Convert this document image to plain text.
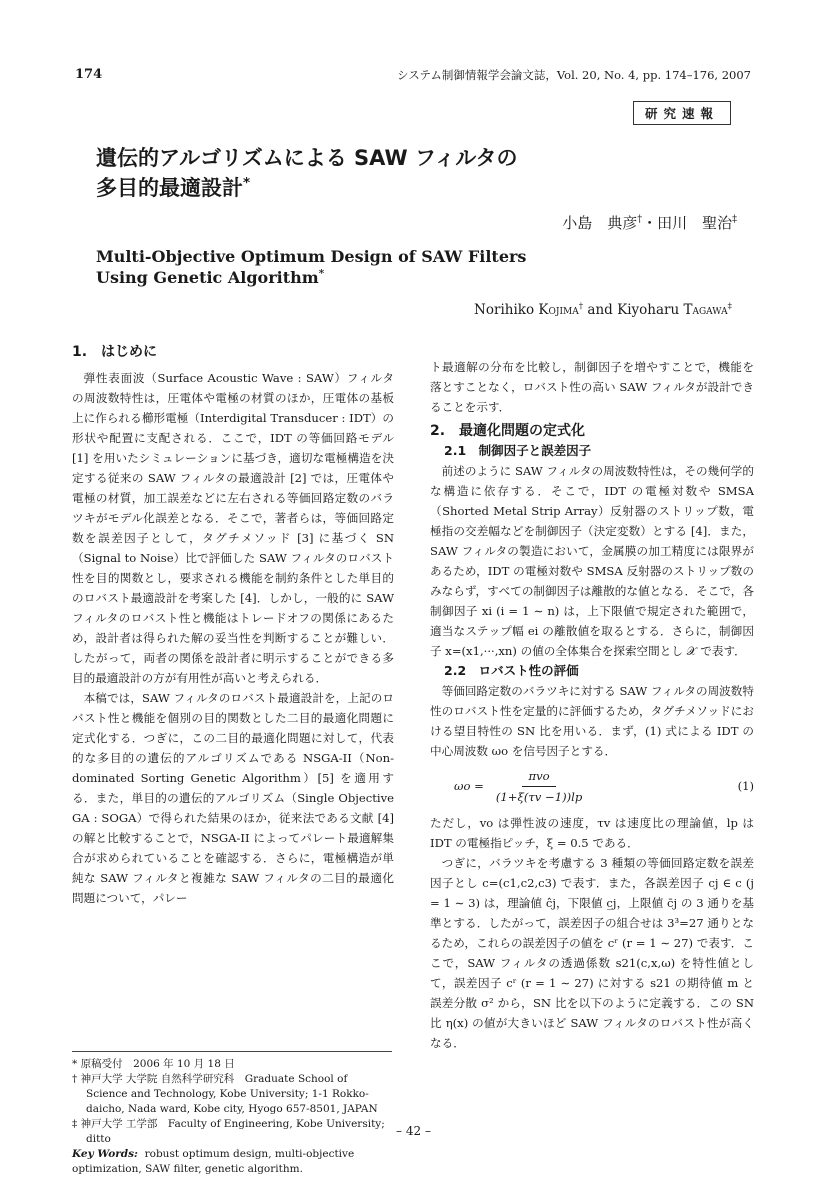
174	システム制御情報学会論文誌，Vol. 20, No. 4, pp. 174–176, 2007
研究速報
遺伝的アルゴリズムによる SAW フィルタの
多目的最適設計*
小島　典彦†・田川　聖治‡
Multi-Objective Optimum Design of SAW Filters
Using Genetic Algorithm*
Norihiko Kojima† and Kiyoharu Tagawa‡
1.　はじめに

弾性表面波（Surface Acoustic Wave : SAW）フィルタの周波数特性は，圧電体や電極の材質のほか，圧電体の基板上に作られる櫛形電極（Interdigital Transducer : IDT）の形状や配置に支配される．ここで，IDT の等価回路モデル [1] を用いたシミュレーションに基づき，適切な電極構造を決定する従来の SAW フィルタの最適設計 [2] では，圧電体や電極の材質，加工誤差などに左右される等価回路定数のバラツキがモデル化誤差となる．そこで，著者らは，等価回路定数を誤差因子として，タグチメソッド [3] に基づく SN（Signal to Noise）比で評価した SAW フィルタのロバスト性を目的関数とし，要求される機能を制約条件とした単目的のロバスト最適設計を考案した [4]．しかし，一般的に SAW フィルタのロバスト性と機能はトレードオフの関係にあるため，設計者は得られた解の妥当性を判断することが難しい．したがって，両者の関係を設計者に明示することができる多目的最適設計の方が有用性が高いと考えられる．

本稿では，SAW フィルタのロバスト最適設計を，上記のロバスト性と機能を個別の目的関数とした二目的最適化問題に定式化する．つぎに，この二目的最適化問題に対して，代表的な多目的の遺伝的アルゴリズムである NSGA-II（Non-dominated Sorting Genetic Algorithm）[5] を適用する．また，単目的の遺伝的アルゴリズム（Single Objective GA : SOGA）で得られた結果のほか，従来法である文献 [4] の解と比較することで，NSGA-II によってパレート最適解集合が求められていることを確認する．さらに，電極構造が単純な SAW フィルタと複雑な SAW フィルタの二目的最適化問題について，パレー

* 原稿受付　2006 年 10 月 18 日
† 神戸大学 大学院 自然科学研究科　Graduate School of Science and Technology, Kobe University; 1-1 Rokko-daicho, Nada ward, Kobe city, Hyogo 657-8501, JAPAN
‡ 神戸大学 工学部　Faculty of Engineering, Kobe University; ditto
Key Words: robust optimum design, multi-objective optimization, SAW filter, genetic algorithm.

ト最適解の分布を比較し，制御因子を増やすことで，機能を落とすことなく，ロバスト性の高い SAW フィルタが設計できることを示す．

2.　最適化問題の定式化
2.1　制御因子と誤差因子

前述のように SAW フィルタの周波数特性は，その幾何学的な構造に依存する．そこで，IDT の電極対数や SMSA（Shorted Metal Strip Array）反射器のストリップ数，電極指の交差幅などを制御因子（決定変数）とする [4]．また，SAW フィルタの製造において，金属膜の加工精度には限界があるため，IDT の電極対数や SMSA 反射器のストリップ数のみならず，すべての制御因子は離散的な値となる．そこで，各制御因子 xi (i = 1 ∼ n) は，上下限値で規定された範囲で，適当なステップ幅 ei の離散値を取るとする．さらに，制御因子 x=(x1,···,xn) の値の全体集合を探索空間とし 𝒳 で表す．

2.2　ロバスト性の評価

等価回路定数のバラツキに対する SAW フィルタの周波数特性のロバスト性を定量的に評価するため，タグチメソッドにおける望目特性の SN 比を用いる．まず，(1) 式による IDT の中心周波数 ωo を信号因子とする．

$\omega o = \frac{\text{πvo}}{(1+\xi(\tau v -1))lp}$	(1)

ただし，vo は弾性波の速度，τv は速度比の理論値，lp は IDT の電極指ピッチ，ξ = 0.5 である．

つぎに，バラツキを考慮する 3 種類の等価回路定数を誤差因子とし c=(c1,c2,c3) で表す．また，各誤差因子 cj ∈ c (j = 1 ∼ 3) は，理論値 ĉj，下限値 c̲j，上限値 c̄j の 3 通りを基準とする．したがって，誤差因子の組合せは 3³=27 通りとなるため，これらの誤差因子の値を cʳ (r = 1 ∼ 27) で表す．ここで，SAW フィルタの透過係数 s21(c,x,ω) を特性値として，誤差因子 cʳ (r = 1 ∼ 27) に対する s21 の期待値 m と誤差分散 σ² から，SN 比を以下のように定義する．この SN 比 η(x) の値が大きいほど SAW フィルタのロバスト性が高くなる．

– 42 –
